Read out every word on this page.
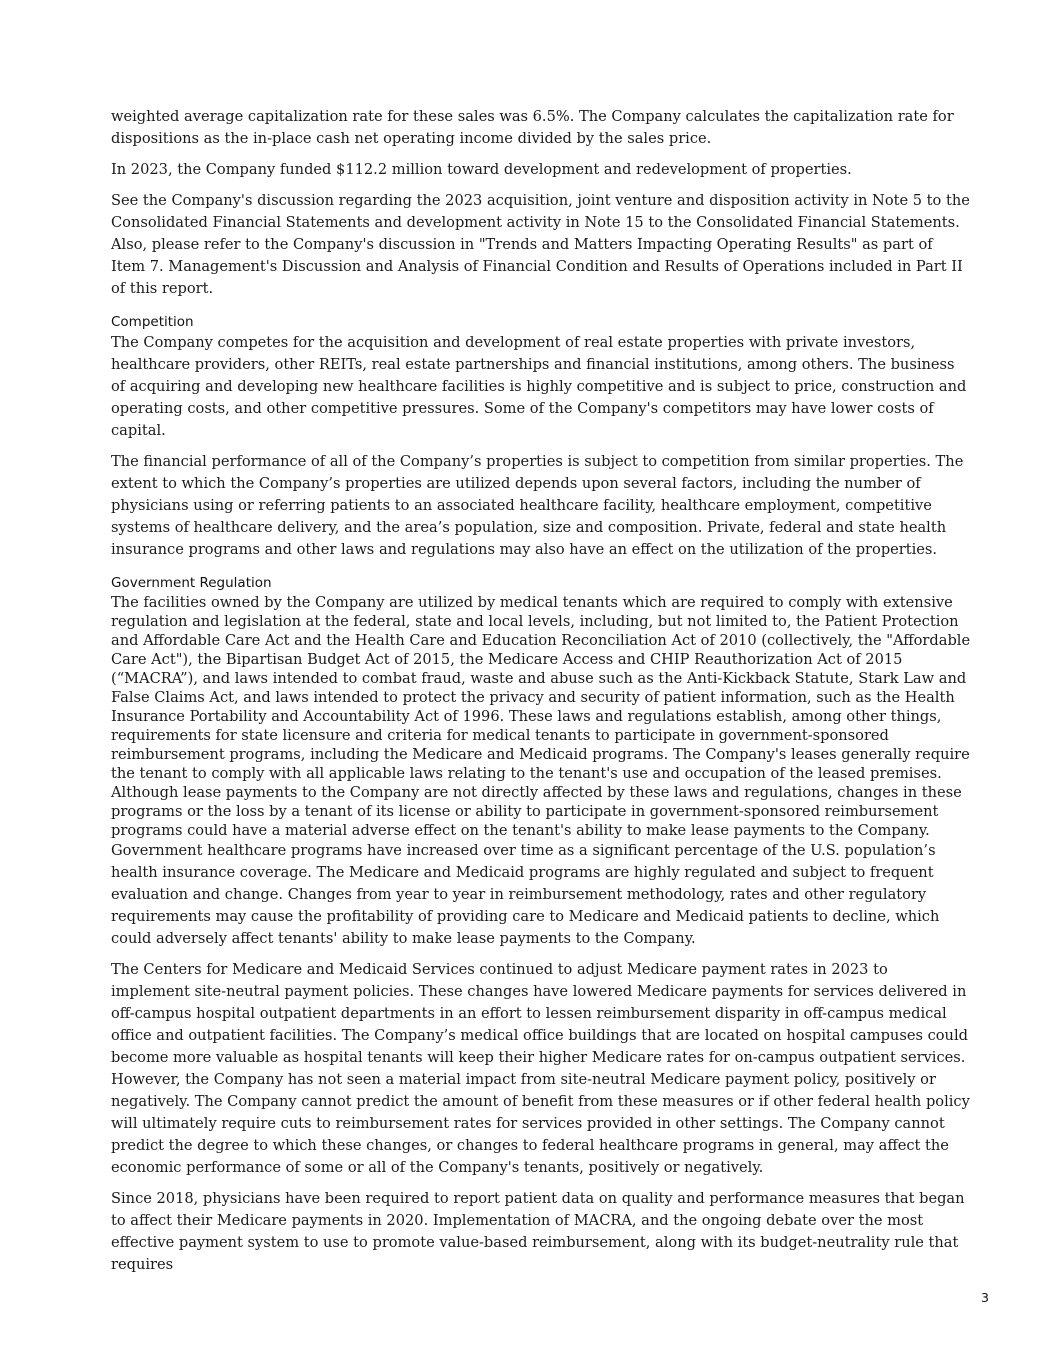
weighted average capitalization rate for these sales was 6.5%. The Company calculates the capitalization rate for dispositions as the in-place cash net operating income divided by the sales price.

In 2023, the Company funded $112.2 million toward development and redevelopment of properties.

See the Company's discussion regarding the 2023 acquisition, joint venture and disposition activity in Note 5 to the Consolidated Financial Statements and development activity in Note 15 to the Consolidated Financial Statements. Also, please refer to the Company's discussion in "Trends and Matters Impacting Operating Results" as part of Item 7. Management's Discussion and Analysis of Financial Condition and Results of Operations included in Part II of this report.

Competition

The Company competes for the acquisition and development of real estate properties with private investors, healthcare providers, other REITs, real estate partnerships and financial institutions, among others. The business of acquiring and developing new healthcare facilities is highly competitive and is subject to price, construction and operating costs, and other competitive pressures. Some of the Company's competitors may have lower costs of capital.

The financial performance of all of the Company’s properties is subject to competition from similar properties. The extent to which the Company’s properties are utilized depends upon several factors, including the number of physicians using or referring patients to an associated healthcare facility, healthcare employment, competitive systems of healthcare delivery, and the area’s population, size and composition. Private, federal and state health insurance programs and other laws and regulations may also have an effect on the utilization of the properties.

Government Regulation

The facilities owned by the Company are utilized by medical tenants which are required to comply with extensive regulation and legislation at the federal, state and local levels, including, but not limited to, the Patient Protection and Affordable Care Act and the Health Care and Education Reconciliation Act of 2010 (collectively, the "Affordable Care Act"), the Bipartisan Budget Act of 2015, the Medicare Access and CHIP Reauthorization Act of 2015 (“MACRA”), and laws intended to combat fraud, waste and abuse such as the Anti-Kickback Statute, Stark Law and False Claims Act, and laws intended to protect the privacy and security of patient information, such as the Health Insurance Portability and Accountability Act of 1996. These laws and regulations establish, among other things, requirements for state licensure and criteria for medical tenants to participate in government-sponsored reimbursement programs, including the Medicare and Medicaid programs. The Company's leases generally require the tenant to comply with all applicable laws relating to the tenant's use and occupation of the leased premises. Although lease payments to the Company are not directly affected by these laws and regulations, changes in these programs or the loss by a tenant of its license or ability to participate in government-sponsored reimbursement programs could have a material adverse effect on the tenant's ability to make lease payments to the Company.

Government healthcare programs have increased over time as a significant percentage of the U.S. population’s health insurance coverage. The Medicare and Medicaid programs are highly regulated and subject to frequent evaluation and change. Changes from year to year in reimbursement methodology, rates and other regulatory requirements may cause the profitability of providing care to Medicare and Medicaid patients to decline, which could adversely affect tenants' ability to make lease payments to the Company.

The Centers for Medicare and Medicaid Services continued to adjust Medicare payment rates in 2023 to implement site-neutral payment policies. These changes have lowered Medicare payments for services delivered in off-campus hospital outpatient departments in an effort to lessen reimbursement disparity in off-campus medical office and outpatient facilities. The Company’s medical office buildings that are located on hospital campuses could become more valuable as hospital tenants will keep their higher Medicare rates for on-campus outpatient services. However, the Company has not seen a material impact from site-neutral Medicare payment policy, positively or negatively. The Company cannot predict the amount of benefit from these measures or if other federal health policy will ultimately require cuts to reimbursement rates for services provided in other settings. The Company cannot predict the degree to which these changes, or changes to federal healthcare programs in general, may affect the economic performance of some or all of the Company's tenants, positively or negatively.

Since 2018, physicians have been required to report patient data on quality and performance measures that began to affect their Medicare payments in 2020. Implementation of MACRA, and the ongoing debate over the most effective payment system to use to promote value-based reimbursement, along with its budget-neutrality rule that requires

3
